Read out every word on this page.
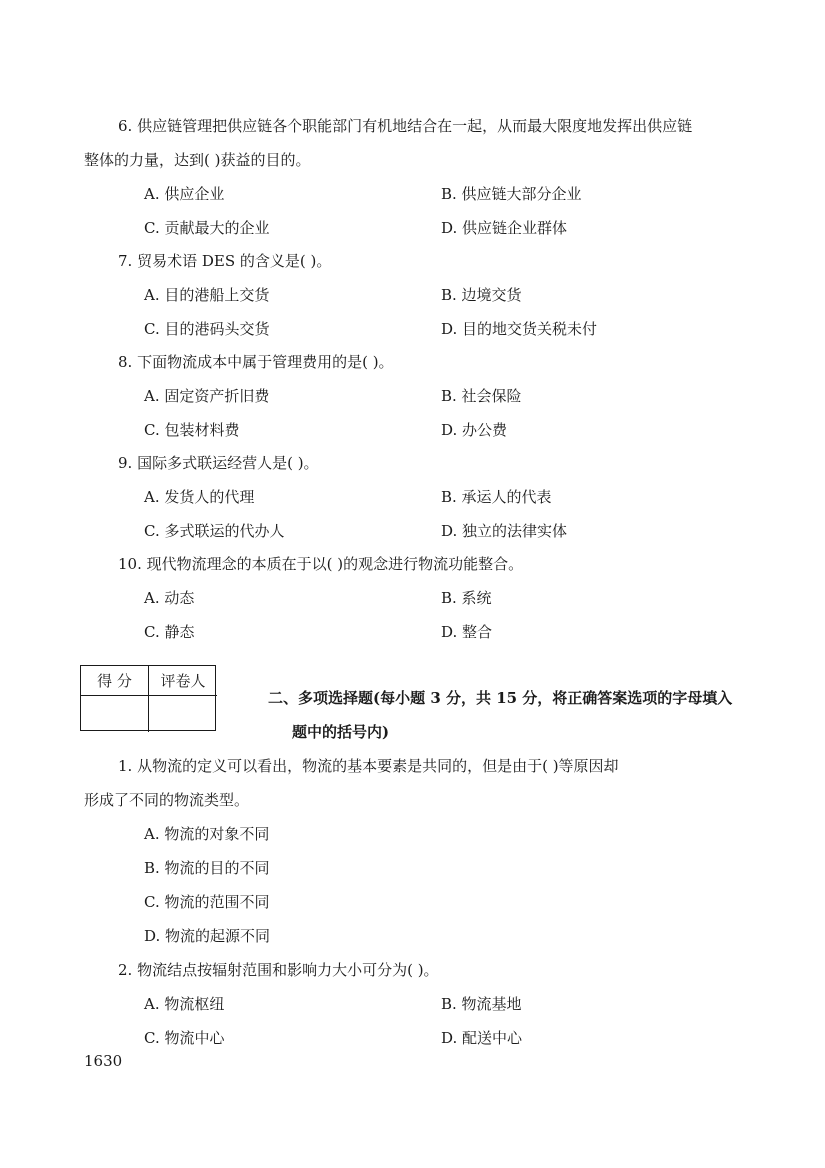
6. 供应链管理把供应链各个职能部门有机地结合在一起，从而最大限度地发挥出供应链
整体的力量，达到( )获益的目的。
A. 供应企业	B. 供应链大部分企业
C. 贡献最大的企业	D. 供应链企业群体
7. 贸易术语 DES 的含义是( )。
A. 目的港船上交货	B. 边境交货
C. 目的港码头交货	D. 目的地交货关税未付
8. 下面物流成本中属于管理费用的是( )。
A. 固定资产折旧费	B. 社会保险
C. 包装材料费	D. 办公费
9. 国际多式联运经营人是( )。
A. 发货人的代理	B. 承运人的代表
C. 多式联运的代办人	D. 独立的法律实体
10. 现代物流理念的本质在于以( )的观念进行物流功能整合。
A. 动态	B. 系统
C. 静态	D. 整合
得 分	评卷人
二、多项选择题(每小题 3 分，共 15 分，将正确答案选项的字母填入
题中的括号内)
1. 从物流的定义可以看出，物流的基本要素是共同的，但是由于( )等原因却
形成了不同的物流类型。
A. 物流的对象不同
B. 物流的目的不同
C. 物流的范围不同
D. 物流的起源不同
2. 物流结点按辐射范围和影响力大小可分为( )。
A. 物流枢纽	B. 物流基地
C. 物流中心	D. 配送中心
1630
